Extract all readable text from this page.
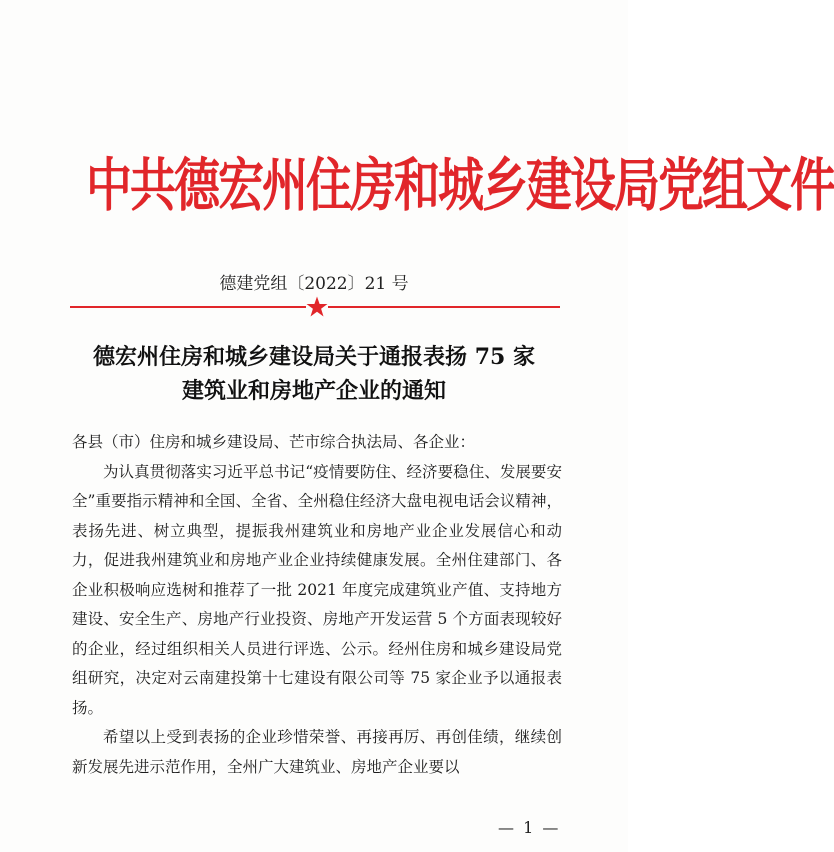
中共德宏州住房和城乡建设局党组文件
德建党组〔2022〕21 号
德宏州住房和城乡建设局关于通报表扬 75 家
建筑业和房地产企业的通知

各县（市）住房和城乡建设局、芒市综合执法局、各企业：

为认真贯彻落实习近平总书记“疫情要防住、经济要稳住、发展要安全”重要指示精神和全国、全省、全州稳住经济大盘电视电话会议精神，表扬先进、树立典型，提振我州建筑业和房地产业企业发展信心和动力，促进我州建筑业和房地产业企业持续健康发展。全州住建部门、各企业积极响应选树和推荐了一批 2021 年度完成建筑业产值、支持地方建设、安全生产、房地产行业投资、房地产开发运营 5 个方面表现较好的企业，经过组织相关人员进行评选、公示。经州住房和城乡建设局党组研究，决定对云南建投第十七建设有限公司等 75 家企业予以通报表扬。

希望以上受到表扬的企业珍惜荣誉、再接再厉、再创佳绩，继续创新发展先进示范作用，全州广大建筑业、房地产企业要以

— 1 —
